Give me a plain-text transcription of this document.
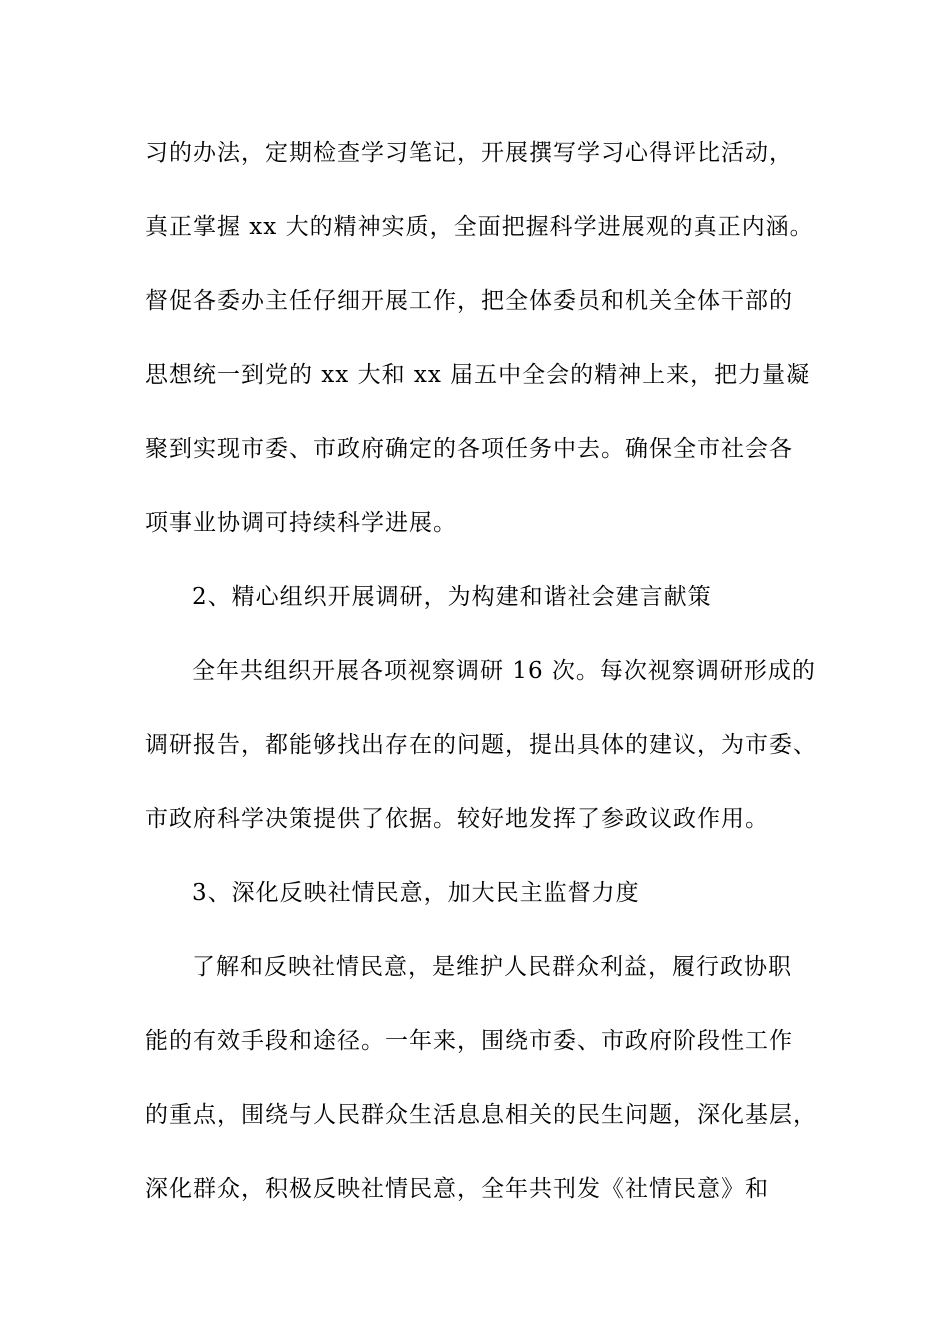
习的办法，定期检查学习笔记，开展撰写学习心得评比活动，
真正掌握 xx 大的精神实质，全面把握科学进展观的真正内涵。
督促各委办主任仔细开展工作，把全体委员和机关全体干部的
思想统一到党的 xx 大和 xx 届五中全会的精神上来，把力量凝
聚到实现市委、市政府确定的各项任务中去。确保全市社会各
项事业协调可持续科学进展。
2、精心组织开展调研，为构建和谐社会建言献策
全年共组织开展各项视察调研 16 次。每次视察调研形成的
调研报告，都能够找出存在的问题，提出具体的建议，为市委、
市政府科学决策提供了依据。较好地发挥了参政议政作用。
3、深化反映社情民意，加大民主监督力度
了解和反映社情民意，是维护人民群众利益，履行政协职
能的有效手段和途径。一年来，围绕市委、市政府阶段性工作
的重点，围绕与人民群众生活息息相关的民生问题，深化基层，
深化群众，积极反映社情民意，全年共刊发《社情民意》和
